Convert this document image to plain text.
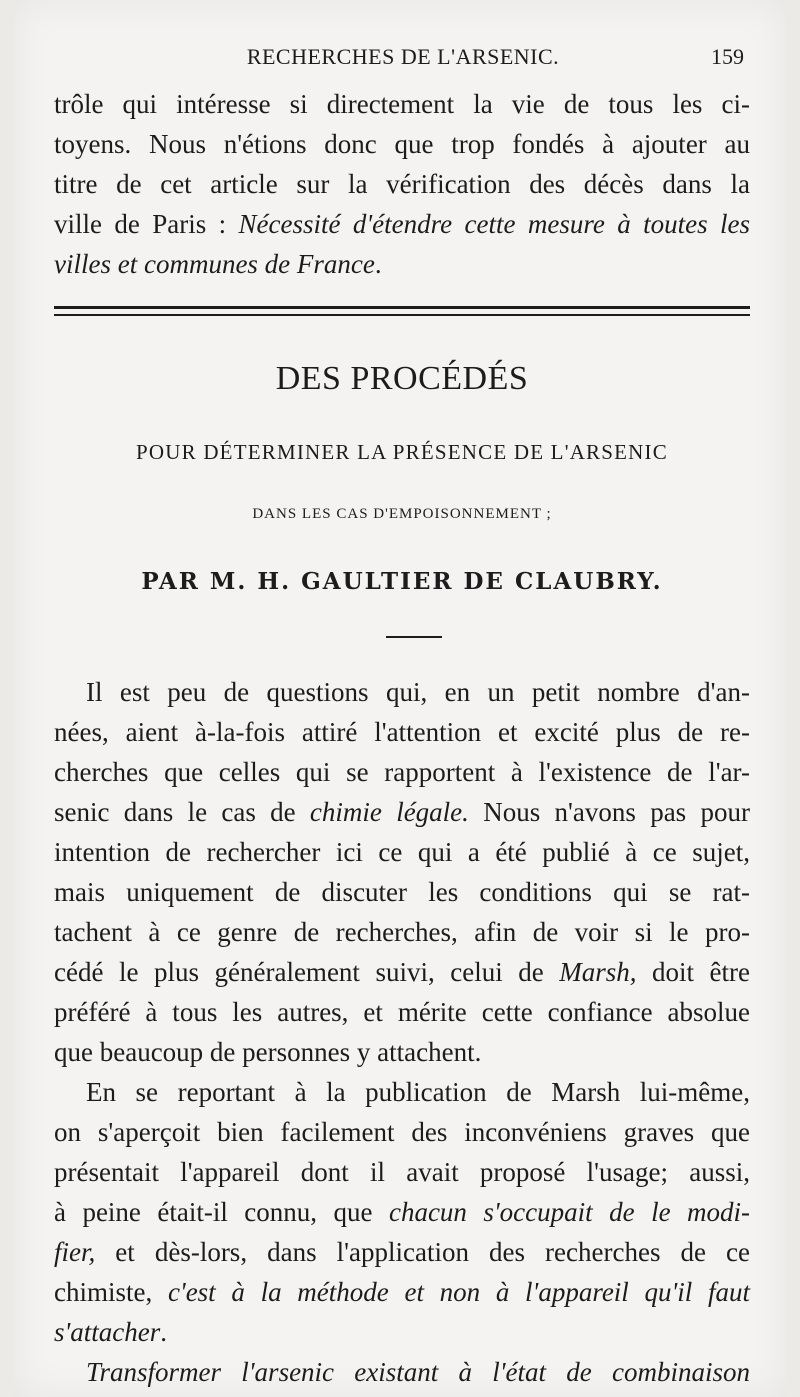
RECHERCHES DE L'ARSENIC.	159
trôle qui intéresse si directement la vie de tous les ci-
toyens. Nous n'étions donc que trop fondés à ajouter au
titre de cet article sur la vérification des décès dans la
ville de Paris : Nécessité d'étendre cette mesure à toutes les
villes et communes de France.
DES PROCÉDÉS
POUR DÉTERMINER LA PRÉSENCE DE L'ARSENIC
DANS LES CAS D'EMPOISONNEMENT ;
PAR M. H. GAULTIER DE CLAUBRY.
Il est peu de questions qui, en un petit nombre d'an-
nées, aient à-la-fois attiré l'attention et excité plus de re-
cherches que celles qui se rapportent à l'existence de l'ar-
senic dans le cas de chimie légale. Nous n'avons pas pour
intention de rechercher ici ce qui a été publié à ce sujet,
mais uniquement de discuter les conditions qui se rat-
tachent à ce genre de recherches, afin de voir si le pro-
cédé le plus généralement suivi, celui de Marsh, doit être
préféré à tous les autres, et mérite cette confiance absolue
que beaucoup de personnes y attachent.
En se reportant à la publication de Marsh lui-même,
on s'aperçoit bien facilement des inconvéniens graves que
présentait l'appareil dont il avait proposé l'usage; aussi,
à peine était-il connu, que chacun s'occupait de le modi-
fier, et dès-lors, dans l'application des recherches de ce
chimiste, c'est à la méthode et non à l'appareil qu'il faut
s'attacher.
Transformer l'arsenic existant à l'état de combinaison
